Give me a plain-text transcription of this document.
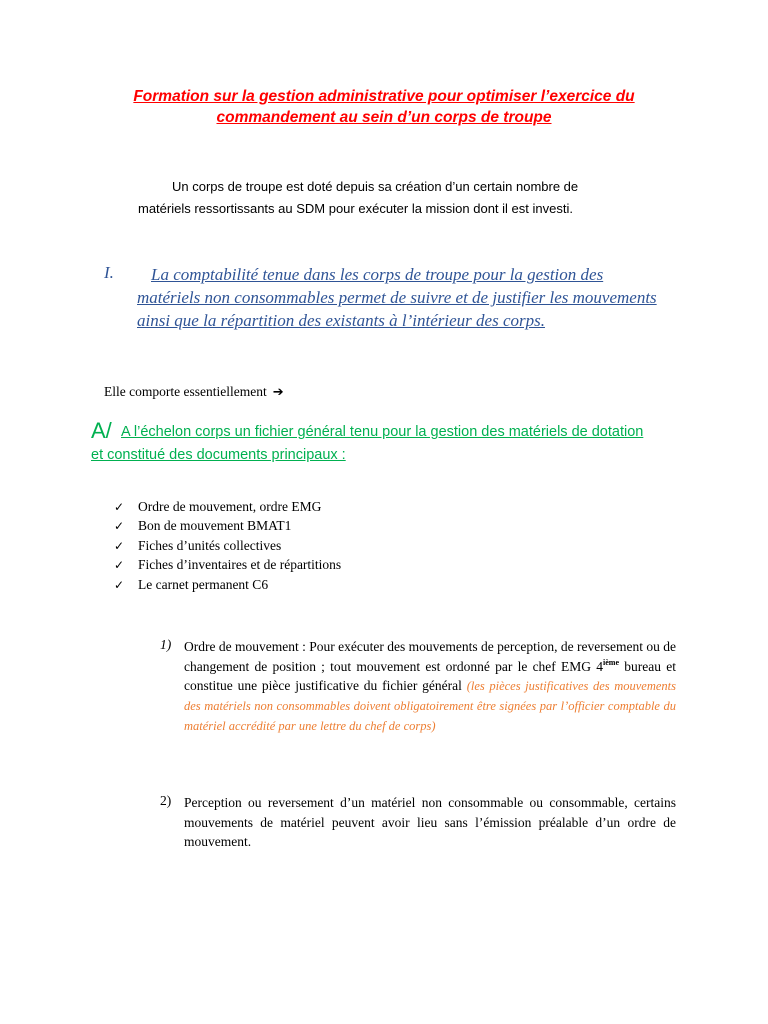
Formation sur la gestion administrative pour optimiser l’exercice du
commandement au sein d’un corps de troupe
Un corps de troupe est doté depuis sa création d’un certain nombre de
matériels ressortissants au SDM pour exécuter la mission dont il est investi.
I.	La comptabilité tenue dans les corps de troupe pour la gestion des matériels non consommables permet de suivre et de justifier les mouvements ainsi que la répartition des existants à l’intérieur des corps.
Elle comporte essentiellement ➔
A/ A l’échelon corps un fichier général tenu pour la gestion des matériels de dotation et constitué des documents principaux :
✓	Ordre de mouvement, ordre EMG
✓	Bon de mouvement BMAT1
✓	Fiches d’unités collectives
✓	Fiches d’inventaires et de répartitions
✓	Le carnet permanent C6
1) Ordre de mouvement : Pour exécuter des mouvements de perception, de reversement ou de changement de position ; tout mouvement est ordonné par le chef EMG 4ième bureau et constitue une pièce justificative du fichier général (les pièces justificatives des mouvements des matériels non consommables doivent obligatoirement être signées par l’officier comptable du matériel accrédité par une lettre du chef de corps)
2) Perception ou reversement d’un matériel non consommable ou consommable, certains mouvements de matériel peuvent avoir lieu sans l’émission préalable d’un ordre de mouvement.
